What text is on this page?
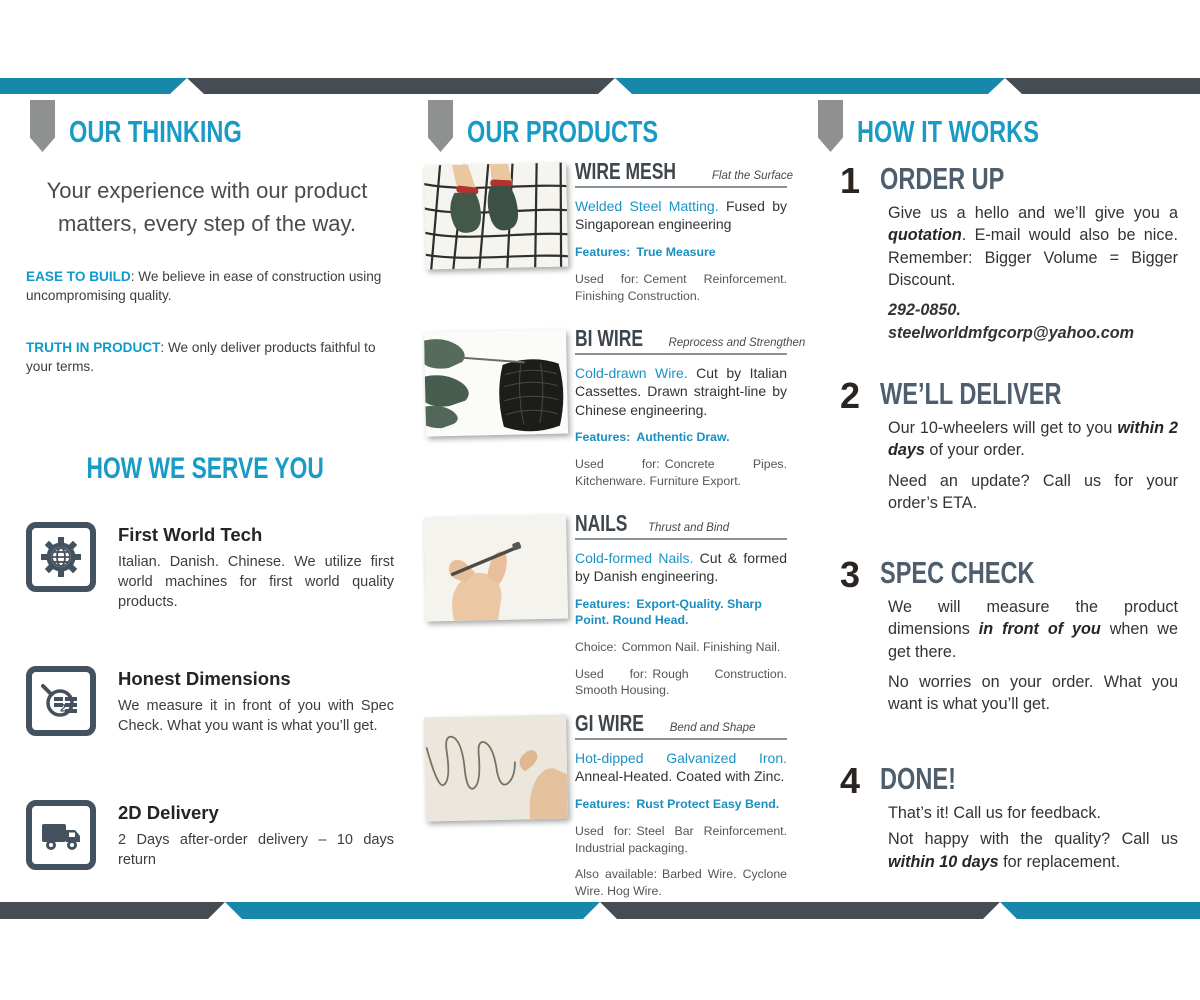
OUR THINKING

Your experience with our product matters, every step of the way.

EASE TO BUILD: We believe in ease of construction using uncompromising quality.

TRUTH IN PRODUCT: We only deliver products faithful to your terms.

HOW WE SERVE YOU
First World Tech

Italian. Danish. Chinese. We utilize first world machines for first world quality products.

2
Honest Dimensions

We measure it in front of you with Spec Check. What you want is what you’ll get.

2D Delivery

2 Days after-order delivery – 10 days return

OUR PRODUCTS
WIRE MESH	Flat the Surface

Welded Steel Matting. Fused by Singaporean engineering

Features: True Measure

Used for: Cement Reinforcement. Finishing Construction.

BI WIRE Reprocess and Strengthen

Cold-drawn Wire. Cut by Italian Cassettes. Drawn straight-line by Chinese engineering.

Features: Authentic Draw.

Used for: Concrete Pipes. Kitchenware. Furniture Export.

NAILS Thrust and Bind

Cold-formed Nails. Cut & formed by Danish engineering.

Features: Export-Quality. Sharp Point. Round Head.

Choice: Common Nail. Finishing Nail.

Used for: Rough Construction. Smooth Housing.

GI WIRE Bend and Shape

Hot-dipped Galvanized Iron. Anneal-Heated. Coated with Zinc.

Features: Rust Protect Easy Bend.

Used for: Steel Bar Reinforcement. Industrial packaging.

Also available: Barbed Wire. Cyclone Wire. Hog Wire.

HOW IT WORKS
1 ORDER UP

Give us a hello and we’ll give you a quotation. E-mail would also be nice. Remember: Bigger Volume = Bigger Discount.

292-0850.

steelworldmfgcorp@yahoo.com

2 WE’LL DELIVER

Our 10-wheelers will get to you within 2 days of your order.

Need an update? Call us for your order’s ETA.

3 SPEC CHECK

We will measure the product dimensions in front of you when we get there.

No worries on your order. What you want is what you’ll get.

4 DONE!

That’s it! Call us for feedback.

Not happy with the quality? Call us within 10 days for replacement.
